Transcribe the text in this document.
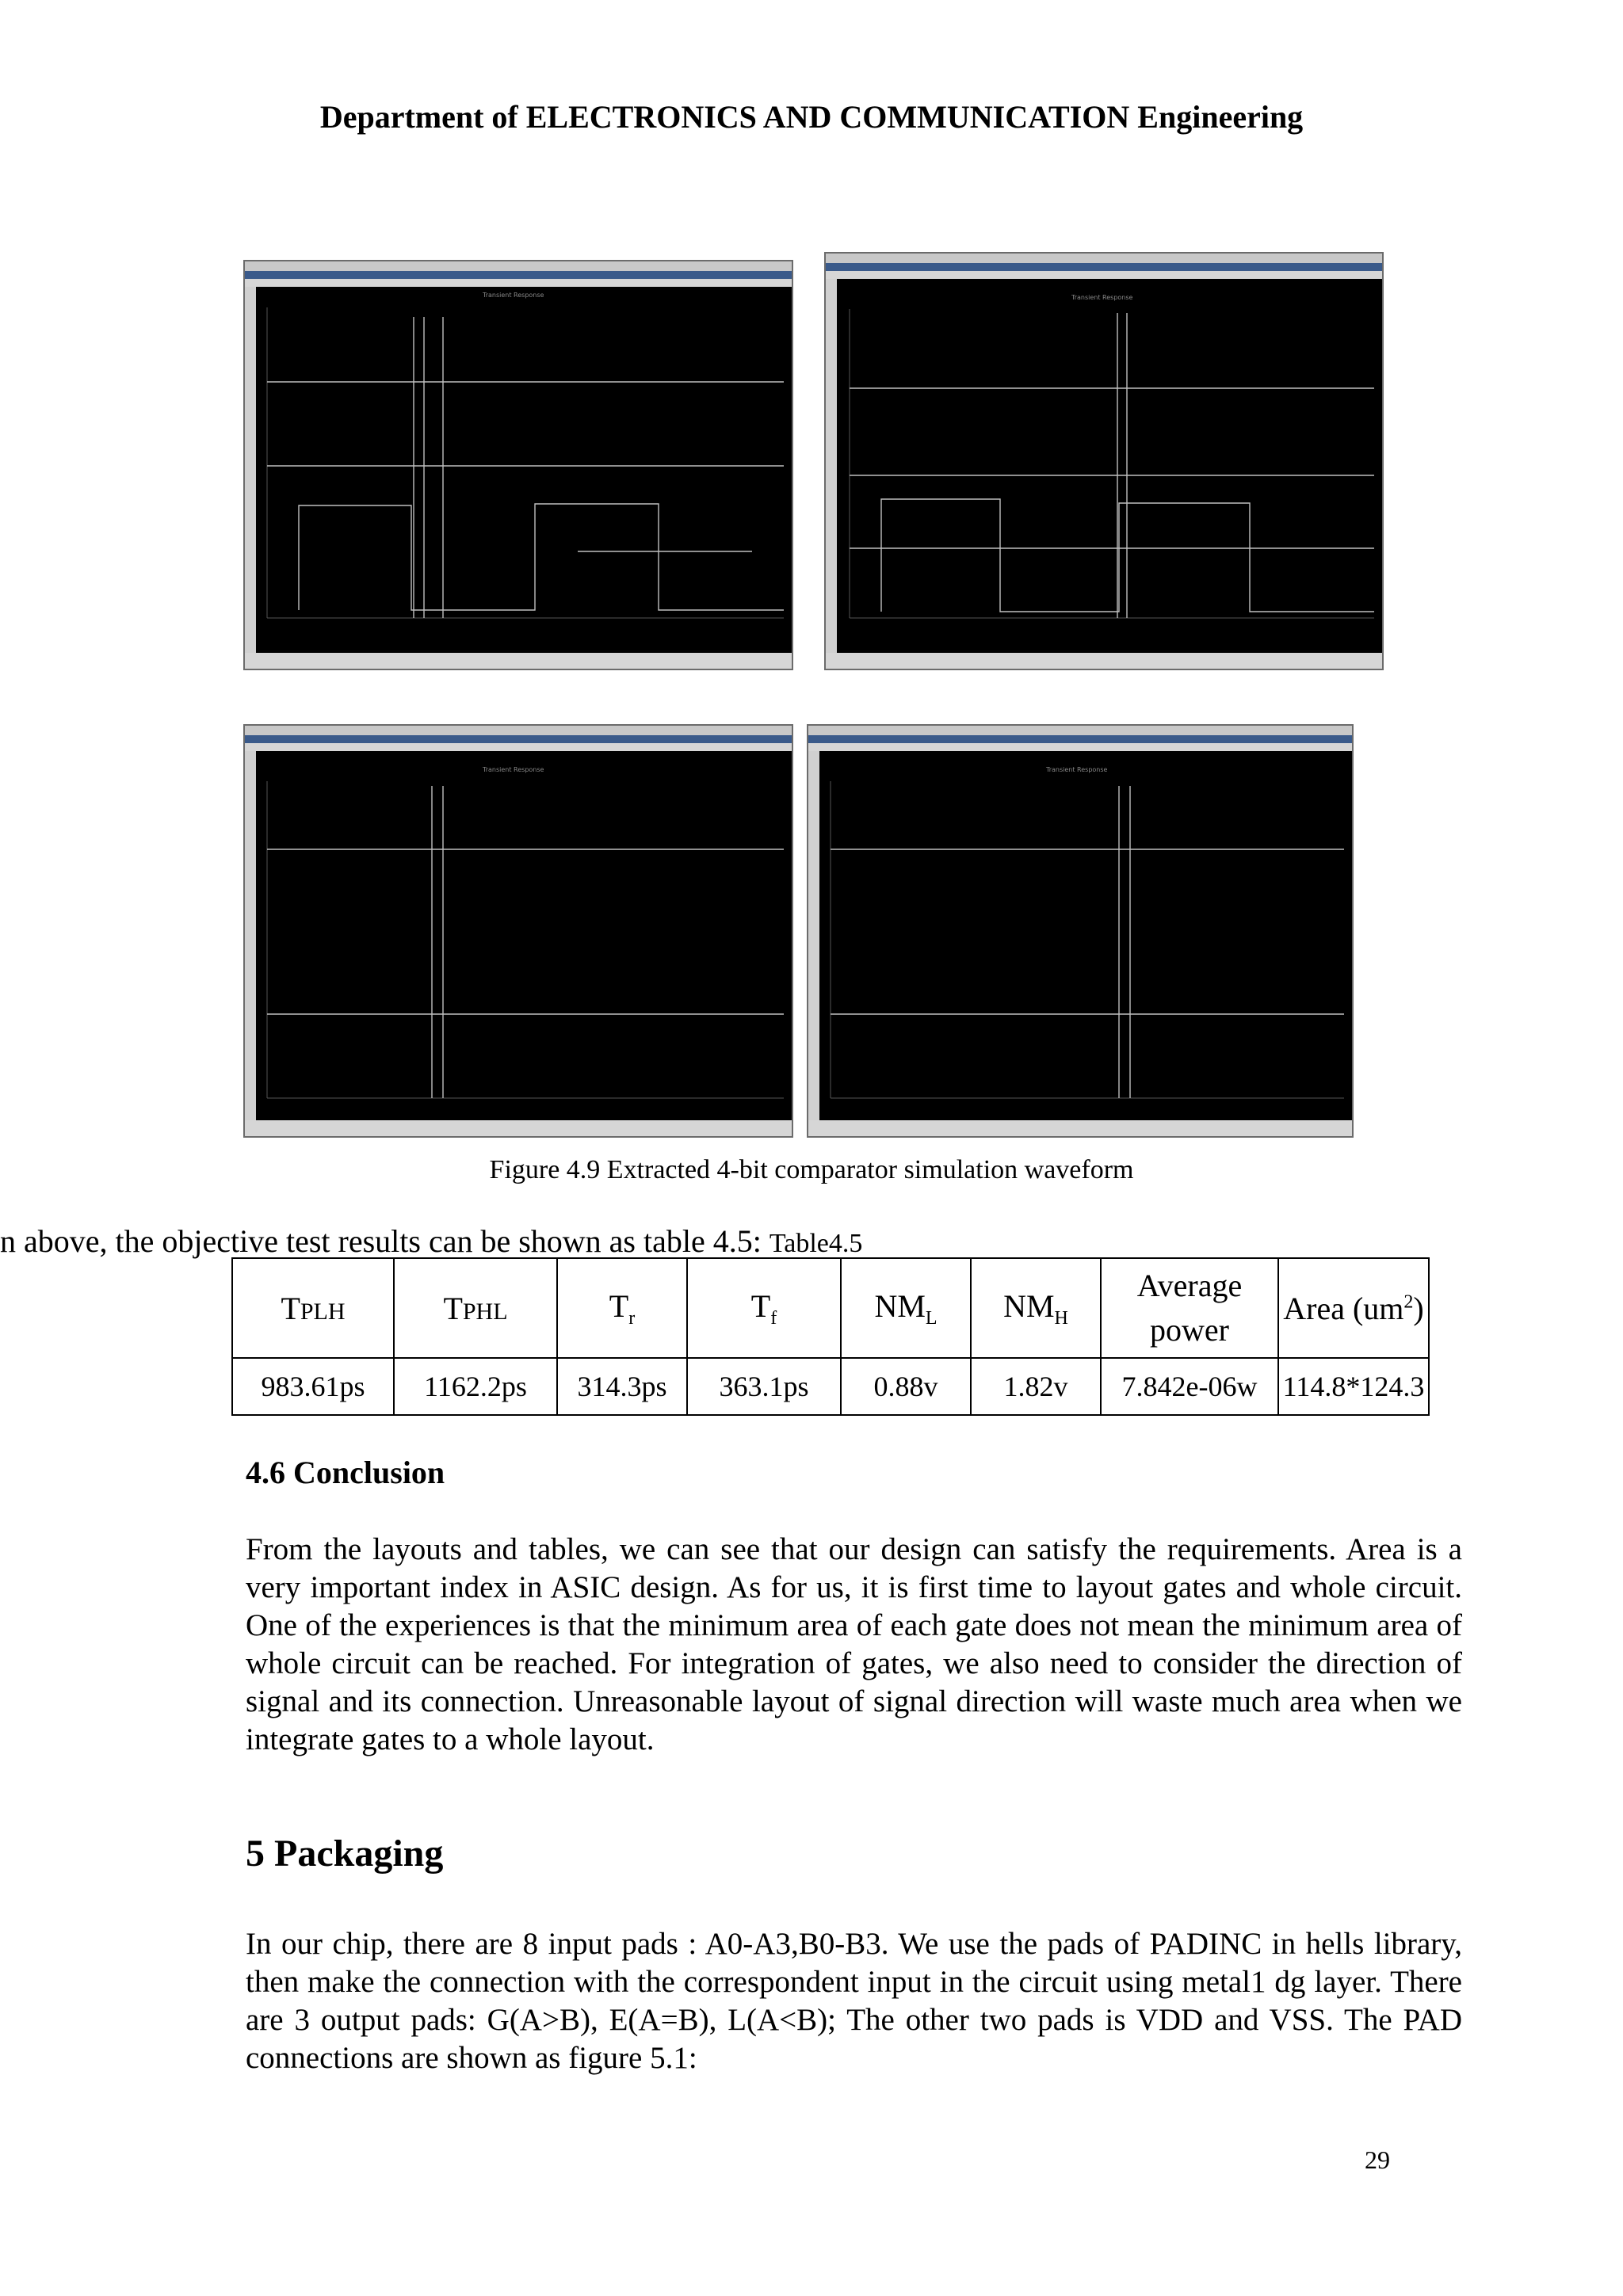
Department of ELECTRONICS AND COMMUNICATION Engineering
Transient Response	Transient Response
Transient Response	Transient Response
Figure 4.9 Extracted 4-bit comparator simulation waveform
n above, the objective test results can be shown as table 4.5: Table4.5
TPLH	TPHL	$T_r$	$T_f$	$NM_L$	$NM_H$	Average power	Area $(um^2)$
983.61ps	1162.2ps	314.3ps	363.1ps	0.88v	1.82v	7.842e-06w	114.8*124.3
4.6 Conclusion
From the layouts and tables, we can see that our design can satisfy the requirements. Area is a very important index in ASIC design. As for us, it is first time to layout gates and whole circuit. One of the experiences is that the minimum area of each gate does not mean the minimum area of whole circuit can be reached. For integration of gates, we also need to consider the direction of signal and its connection. Unreasonable layout of signal direction will waste much area when we integrate gates to a whole layout.
5 Packaging
In our chip, there are 8 input pads : A0-A3,B0-B3. We use the pads of PADINC in hells library, then make the connection with the correspondent input in the circuit using metal1 dg layer. There are 3 output pads: G(A>B), E(A=B), L(A<B); The other two pads is VDD and VSS. The PAD connections are shown as figure 5.1:
29
